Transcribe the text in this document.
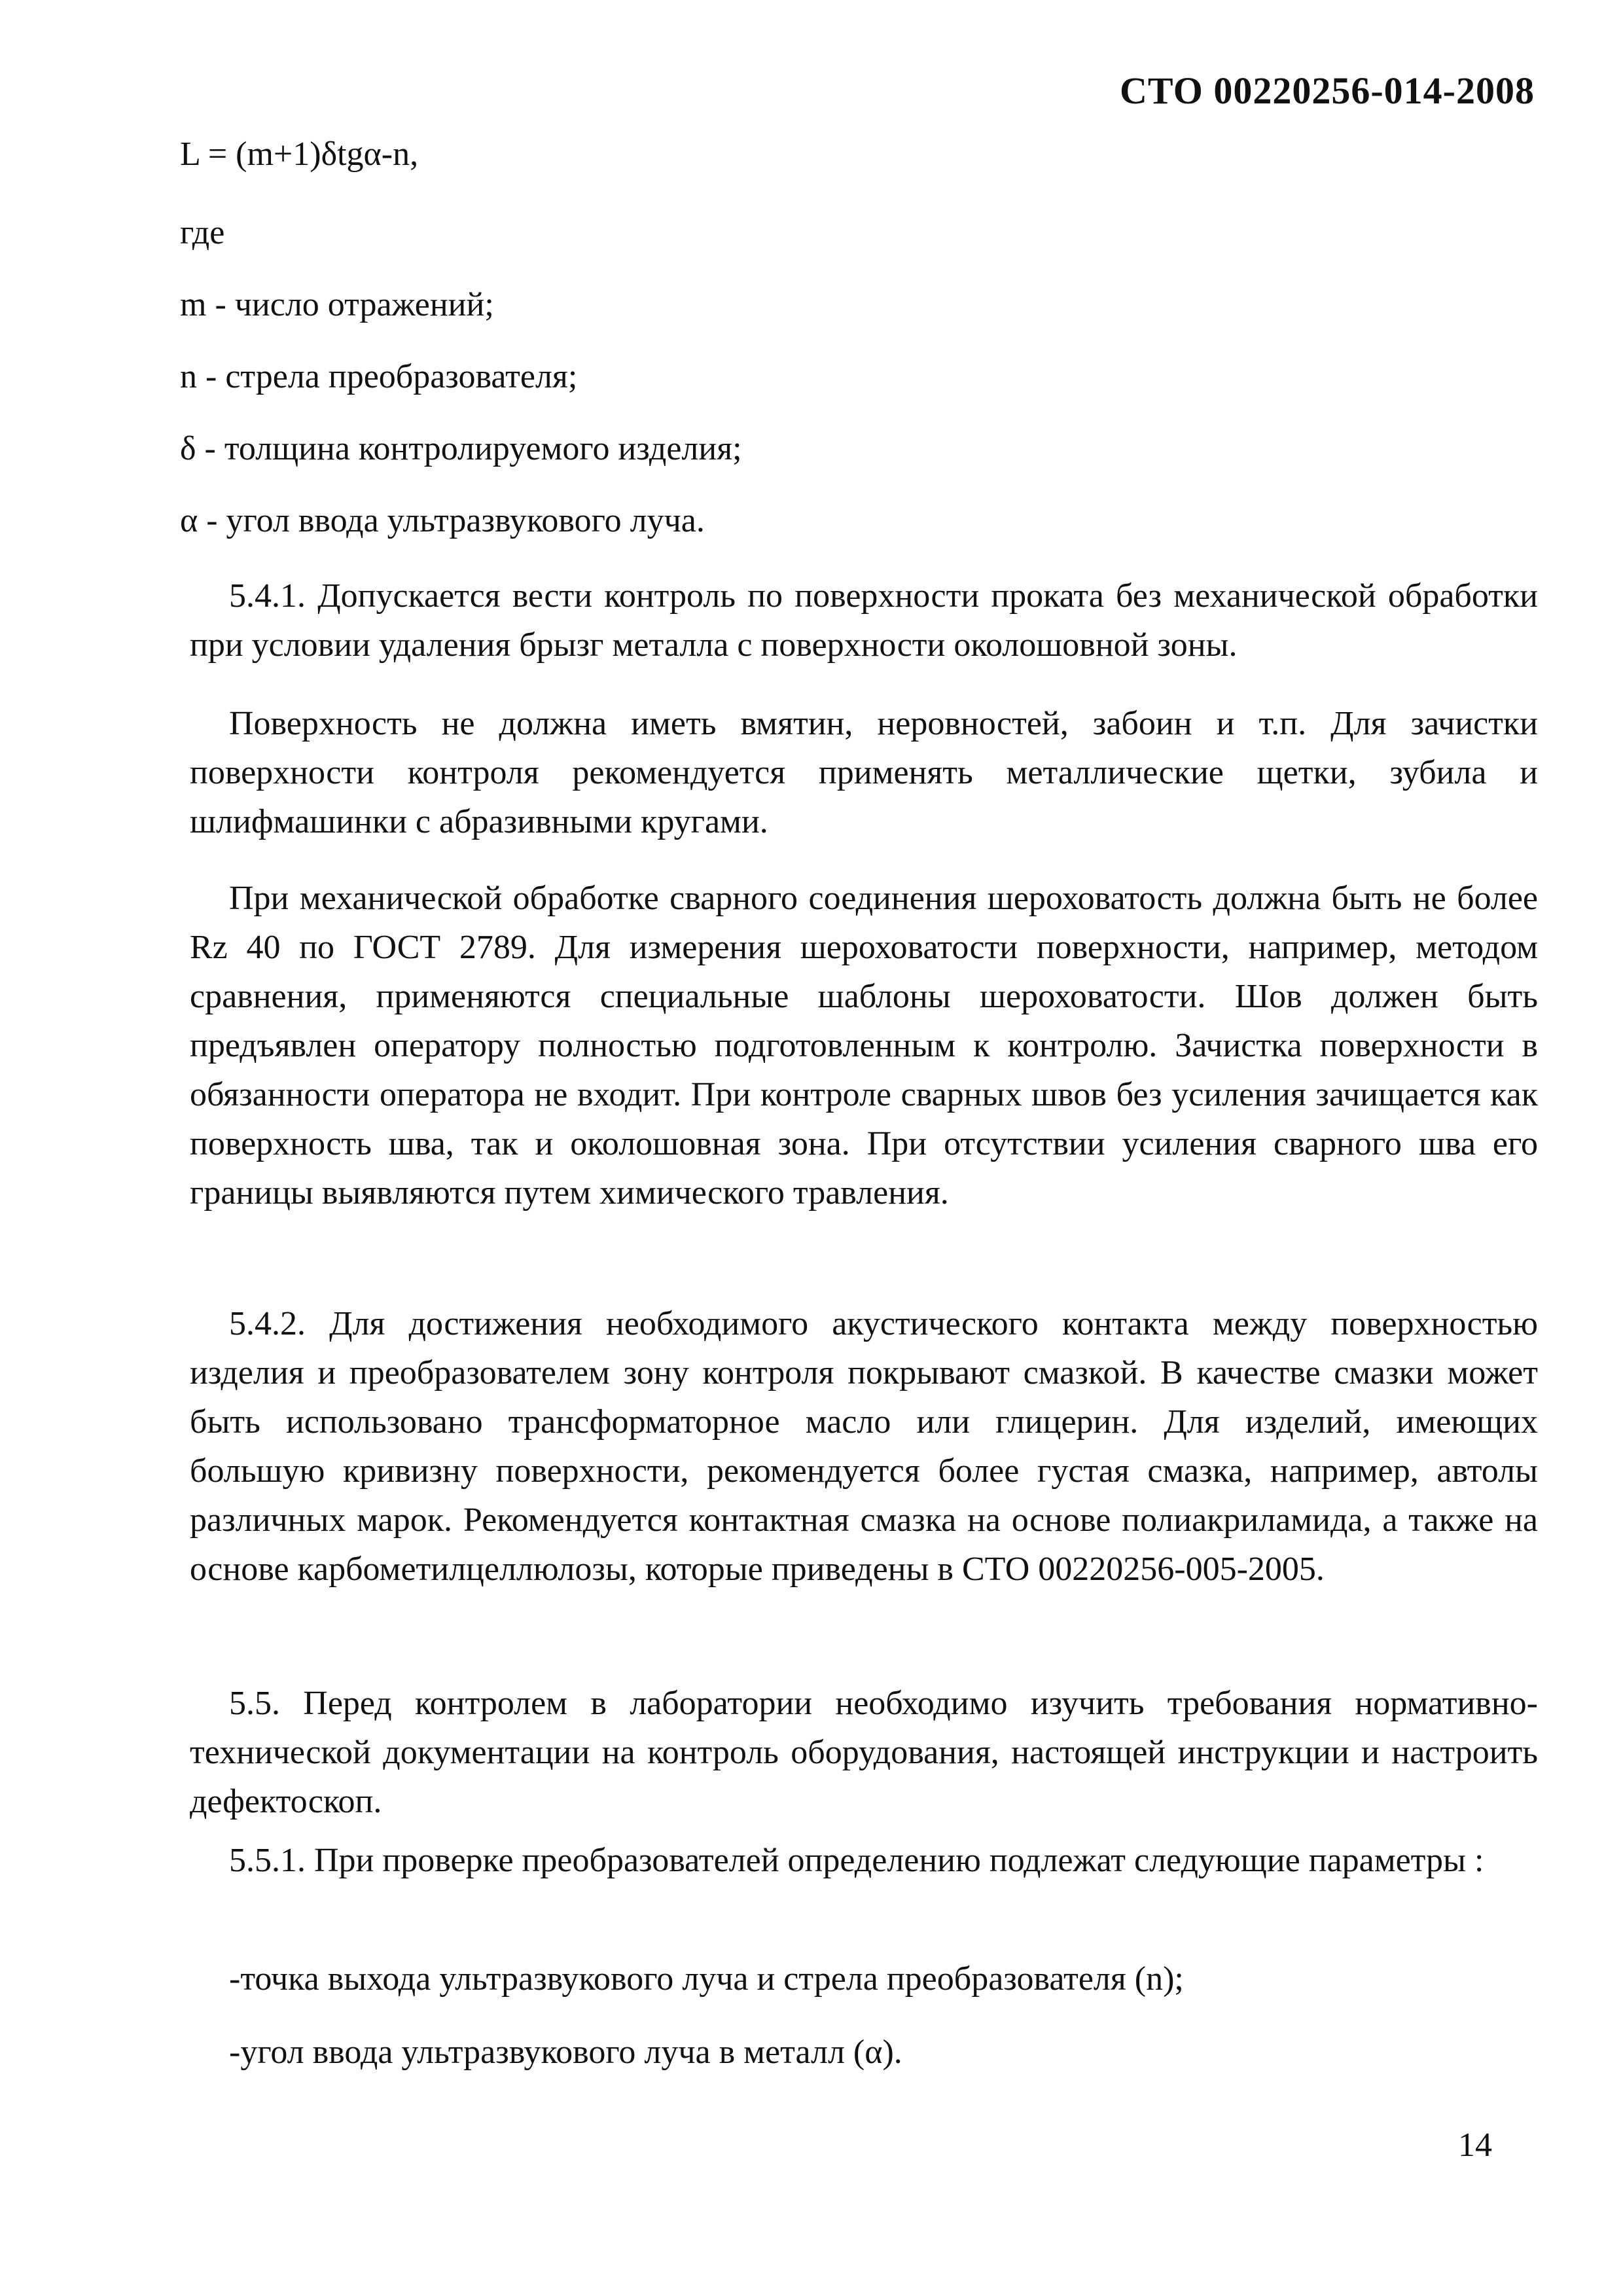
СТО 00220256-014-2008
L = (m+1)δtgα-n,
где
m - число отражений;
n - стрела преобразователя;
δ - толщина контролируемого изделия;
α - угол ввода ультразвукового луча.
5.4.1. Допускается вести контроль по поверхности проката без механической обработки при условии удаления брызг металла с поверхности околошовной зоны.
Поверхность не должна иметь вмятин, неровностей, забоин и т.п. Для зачистки поверхности контроля рекомендуется применять металлические щетки, зубила и шлифмашинки с абразивными кругами.
При механической обработке сварного соединения шероховатость должна быть не более Rz 40 по ГОСТ 2789. Для измерения шероховатости поверхности, например, методом сравнения, применяются специальные шаблоны шероховатости. Шов должен быть предъявлен оператору полностью подготовленным к контролю. Зачистка поверхности в обязанности оператора не входит. При контроле сварных швов без усиления зачищается как поверхность шва, так и околошовная зона. При отсутствии усиления сварного шва его границы выявляются путем химического травления.
5.4.2. Для достижения необходимого акустического контакта между поверхностью изделия и преобразователем зону контроля покрывают смазкой. В качестве смазки может быть использовано трансформаторное масло или глицерин. Для изделий, имеющих большую кривизну поверхности, рекомендуется более густая смазка, например, автолы различных марок. Рекомендуется контактная смазка на основе полиакриламида, а также на основе карбометилцеллюлозы, которые приведены в СТО 00220256-005-2005.
5.5. Перед контролем в лаборатории необходимо изучить требования нормативно-технической документации на контроль оборудования, настоящей инструкции и настроить дефектоскоп.
5.5.1. При проверке преобразователей определению подлежат следующие параметры :
-точка выхода ультразвукового луча и стрела преобразователя (n);
-угол ввода ультразвукового луча в металл (α).
14
